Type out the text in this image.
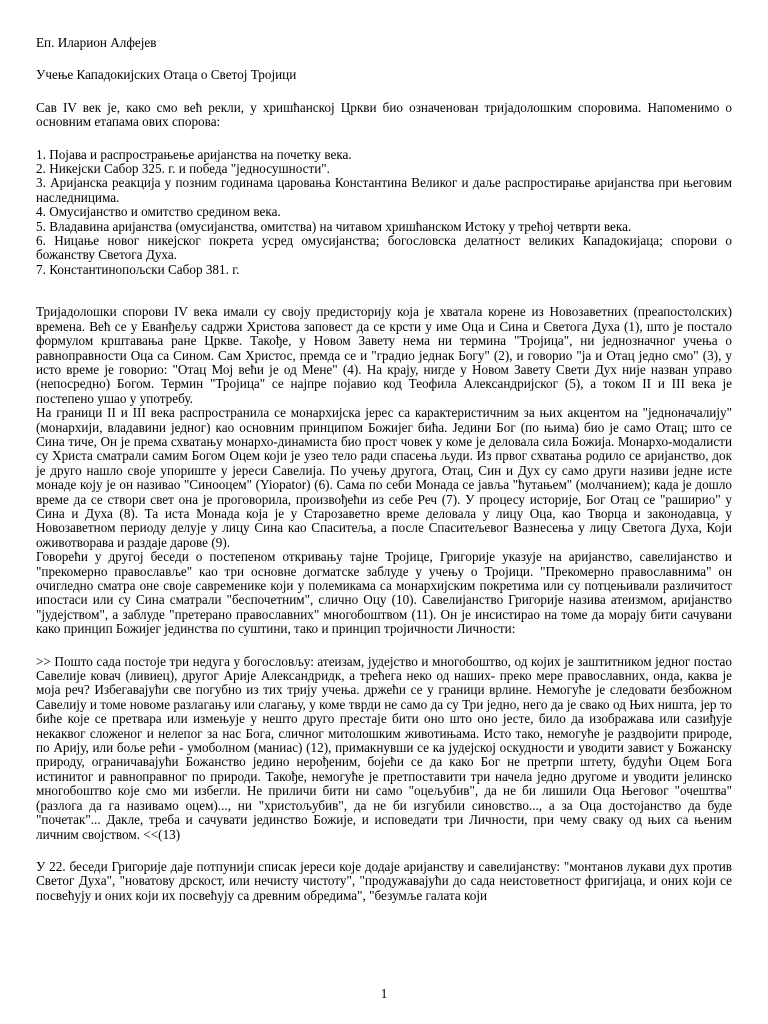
Еп. Иларион Алфејев

Учење Кападокијских Отаца о Светој Тројици

Сав IV век је, како смо већ рекли, у хришћанској Цркви био означенован тријадолошким споровима. Напоменимо о основним етапама ових спорова:

1. Појава и распрострањење аријанства на почетку века.

2. Никејски Сабор 325. г. и победа "једносушности".

3. Аријанска реакција у позним годинама царовања Константина Великог и даље распростирање аријанства при његовим наследницима.

4. Омусијанство и омитство средином века.

5. Владавина аријанства (омусијанства, омитства) на читавом хришћанском Истоку у трећој четврти века.

6. Ницање новог никејског покрета усред омусијанства; богословска делатност великих Кападокијаца; спорови о божанству Светога Духа.

7. Константинопољски Сабор 381. г.

Тријадолошки спорови IV века имали су своју предисторију која је хватала корене из Новозаветних (преапостолских) времена. Већ се у Еванђељу садржи Христова заповест да се крсти у име Оца и Сина и Светога Духа (1), што је постало формулом крштавања ране Цркве. Такође, у Новом Завету нема ни термина "Тројица", ни једнозначног учења о равноправности Оца са Сином. Сам Христос, премда се и "градио једнак Богу" (2), и говорио "ја и Отац једно смо" (3), у исто време је говорио: "Отац Мој већи је од Мене" (4). На крају, нигде у Новом Завету Свети Дух није назван управо (непосредно) Богом. Термин "Тројица" се најпре појавио код Теофила Александријског (5), а током II и III века је постепено ушао у употребу.

На граници II и III века распространила се монархијска јерес са карактеристичним за њих акцентом на "једноначалију" (монархији, владавини једног) као основним принципом Божијег бића. Једини Бог (по њима) био је само Отац; што се Сина тиче, Он је према схватању монархо-динамиста био прост човек у коме је деловала сила Божија. Монархо-модалисти су Христа сматрали самим Богом Оцем који је узео тело ради спасења људи. Из првог схватања родило се аријанство, док је друго нашло своје упориште у јереси Савелија. По учењу другога, Отац, Син и Дух су само други називи једне исте монаде коју је он називао "Синооцем" (Yiopator) (6). Сама по себи Монада се јавља "ћутањем" (молчанием); када је дошло време да се створи свет она је проговорила, произвођећи из себе Реч (7). У процесу историје, Бог Отац се "раширио" у Сина и Духа (8). Та иста Монада која је у Старозаветно време деловала у лицу Оца, као Творца и законодавца, у Новозаветном периоду делује у лицу Сина као Спаситеља, а после Спаситељевог Вазнесења у лицу Светога Духа, Који оживотворава и раздаје дарове (9).

Говорећи у другој беседи о постепеном откривању тајне Тројице, Григорије указује на аријанство, савелијанство и "прекомерно православље" као три основне догматске заблуде у учењу о Тројици. "Прекомерно православнима" он очигледно сматра оне своје савременике који у полемикама са монархијским покретима или су потцењивали различитост ипостаси или су Сина сматрали "беспочетним", слично Оцу (10). Савелијанство Григорије назива атеизмом, аријанство "јудејством", а заблуде "претерано православних" многобоштвом (11). Он је инсистирао на томе да морају бити сачувани како принцип Божијег јединства по суштини, тако и принцип тројичности Личности:

>> Пошто сада постоје три недуга у богословљу: атеизам, јудејство и многобоштво, од којих је заштитником једног постао Савелије ковач (ливиец), другог Арије Александридк, а трећега неко од наших- преко мере православних, онда, каква је моја реч? Избегавајући све погубно из тих трију учења. држећи се у граници врлине. Немогуће је следовати безбожном Савелију и томе новоме разлагању или слагању, у коме тврди не само да су Три једно, него да је свако од Њих ништа, јер то биће које се претвара или измењује у нешто друго престаје бити оно што оно јесте, било да изображава или сазиђује некаквог сложеног и нелепог за нас Бога, сличног митолошким животињама. Исто тако, немогуће је раздвојити природе, по Арију, или боље рећи - умоболном (маниас) (12), примакнувши се ка јудејској оскудности и уводити завист у Божанску природу, ограничавајући Божанство једино нерођеним, бојећи се да како Бог не претрпи штету, будући Оцем Бога истинитог и равноправног по природи. Такође, немогуће је претпоставити три начела једно другоме и уводити јелинско многобоштво које смо ми избегли. Не приличи бити ни само "оцељубив", да не би лишили Оца Његовог "очештва" (разлога да га називамо оцем)..., ни "христољубив", да не би изгубили синовство..., а за Оца достојанство да буде "почетак"... Дакле, треба и сачувати јединство Божије, и исповедати три Личности, при чему сваку од њих са њеним личним својством. <<(13)

У 22. беседи Григорије даје потпунији списак јереси које додаје аријанству и савелијанству: "монтанов лукави дух против Светог Духа", "новатову дрскост, или нечисту чистоту", "продужавајући до сада неистоветност фригијаца, и оних који се посвећују и оних који их посвећују са древним обредима", "безумље галата који

1
